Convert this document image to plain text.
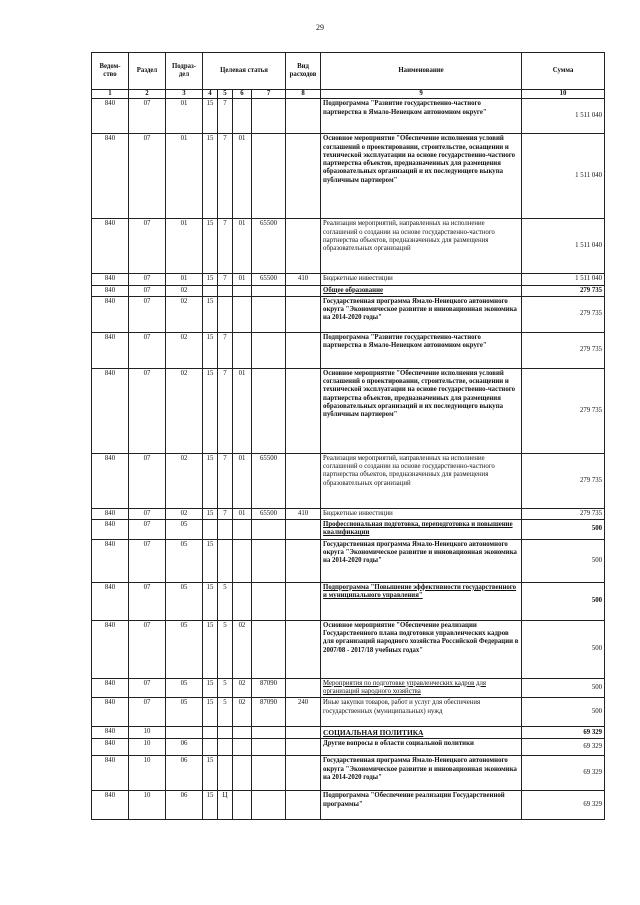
29
Ведом- ство	Раздел	Подраз- дел	Целевая статья				Вид расходов	Наименование	Сумма
1	2	3	4	5	6	7	8	9	10
840	07	01	15	7				Подпрограмма "Развитие государственно-частного партнерства в Ямало-Ненецком автономном округе"	1 511 040
840	07	01	15	7	01			Основное мероприятие "Обеспечение исполнения условий соглашений о проектировании, строительстве, оснащении и технической эксплуатации на основе государственно-частного партнерства объектов, предназначенных для размещения образовательных организаций и их последующего выкупа публичным партнером"	1 511 040
840	07	01	15	7	01	65500		Реализация мероприятий, направленных на исполнение соглашений о создании на основе государственно-частного партнерства объектов, предназначенных для размещения образовательных организаций	1 511 040
840	07	01	15	7	01	65500	410	Бюджетные инвестиции	1 511 040
840	07	02						Общее образование	279 735
840	07	02	15					Государственная программа Ямало-Ненецкого автономного округа "Экономическое развитие и инновационная экономика на 2014-2020 годы"	279 735
840	07	02	15	7				Подпрограмма "Развитие государственно-частного партнерства в Ямало-Ненецком автономном округе"	279 735
840	07	02	15	7	01			Основное мероприятие "Обеспечение исполнения условий соглашений о проектировании, строительстве, оснащении и технической эксплуатации на основе государственно-частного партнерства объектов, предназначенных для размещения образовательных организаций и их последующего выкупа публичным партнером"	279 735
840	07	02	15	7	01	65500		Реализация мероприятий, направленных на исполнение соглашений о создании на основе государственно-частного партнерства объектов, предназначенных для размещения образовательных организаций	279 735
840	07	02	15	7	01	65500	410	Бюджетные инвестиции	279 735
840	07	05						Профессиональная подготовка, переподготовка и повышение квалификации	500
840	07	05	15					Государственная программа Ямало-Ненецкого автономного округа "Экономическое развитие и инновационная экономика на 2014-2020 годы"	500
840	07	05	15	5				Подпрограмма "Повышение эффективности государственного и муниципального управления"	500
840	07	05	15	5	02			Основное мероприятие "Обеспечение реализации Государственного плана подготовки управленческих кадров для организаций народного хозяйства Российской Федерации в 2007/08 - 2017/18 учебных годах"	500
840	07	05	15	5	02	87090		Мероприятия по подготовке управленческих кадров для организаций народного хозяйства	500
840	07	05	15	5	02	87090	240	Иные закупки товаров, работ и услуг для обеспечения государственных (муниципальных) нужд	500
840	10							СОЦИАЛЬНАЯ ПОЛИТИКА	69 329
840	10	06						Другие вопросы в области социальной политики	69 329
840	10	06	15					Государственная программа Ямало-Ненецкого автономного округа "Экономическое развитие и инновационная экономика на 2014-2020 годы"	69 329
840	10	06	15	Ц				Подпрограмма "Обеспечение реализации Государственной программы"	69 329
